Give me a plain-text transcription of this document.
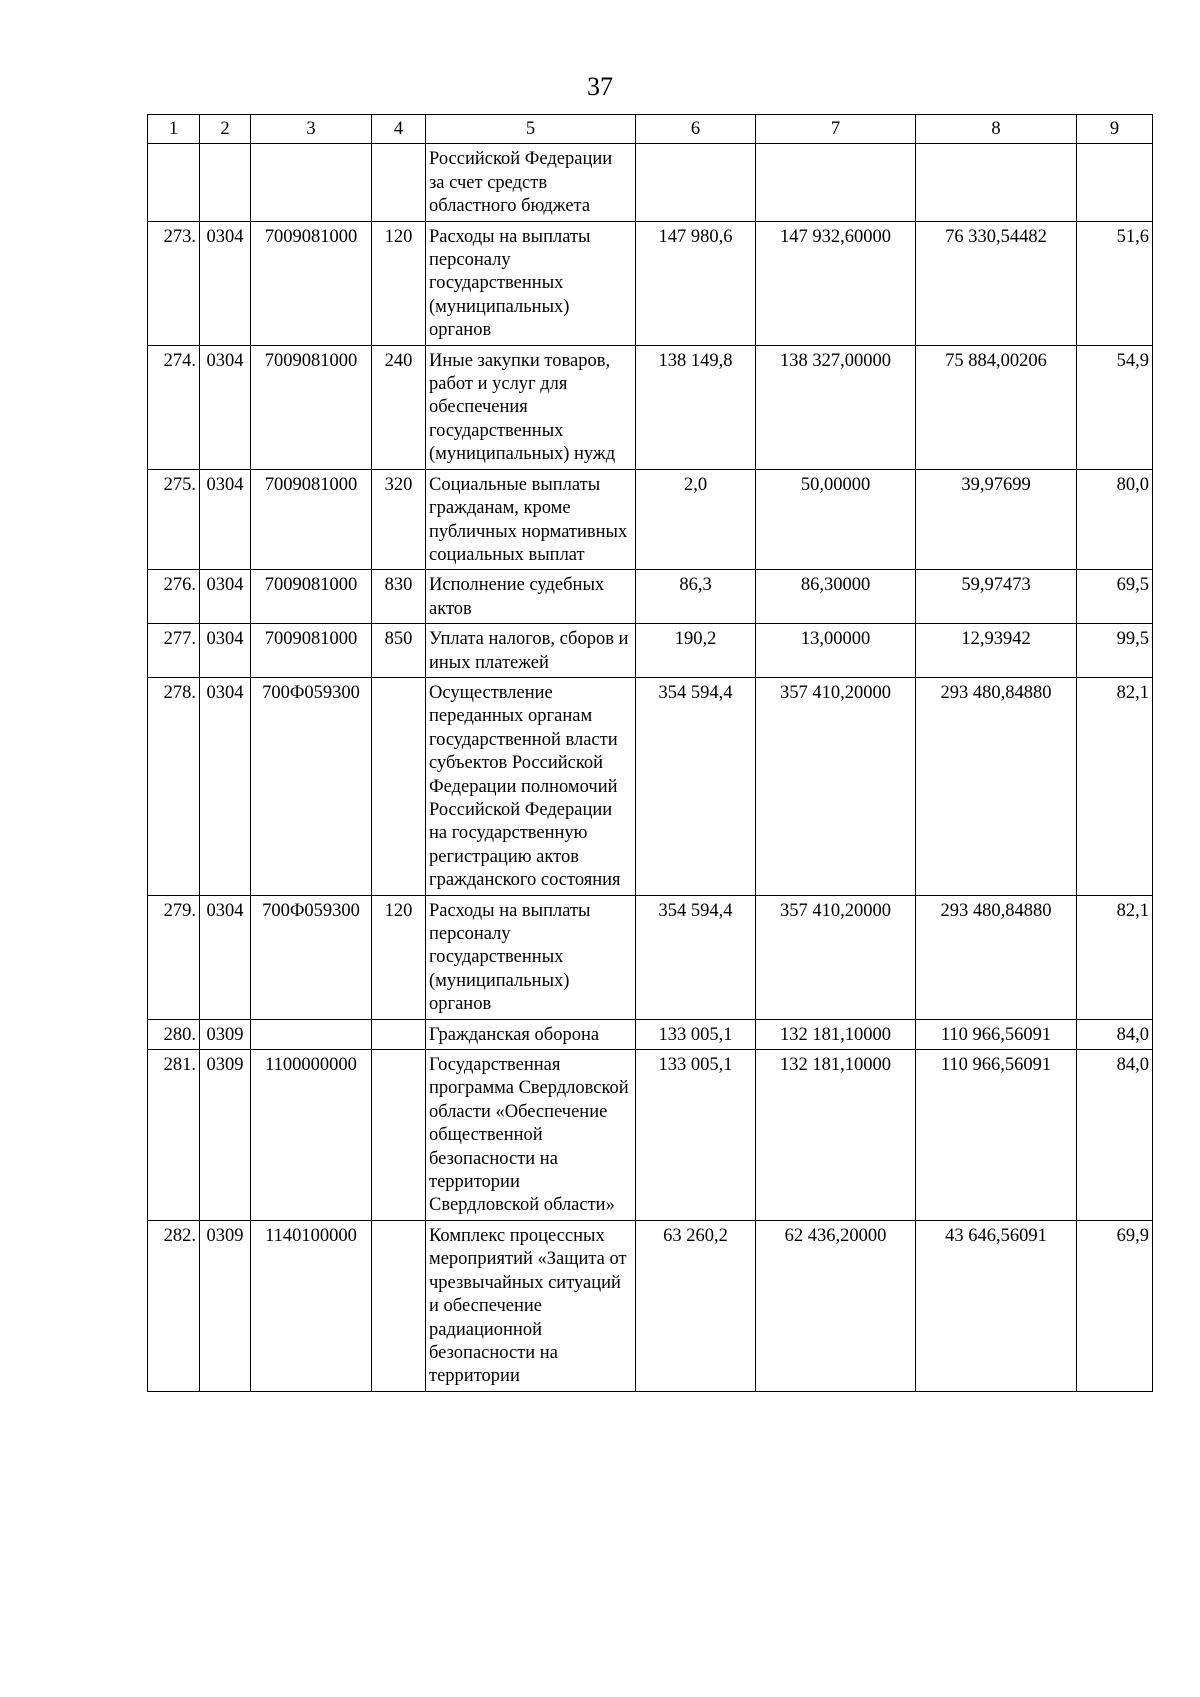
37
1	2	3	4	5	6	7	8	9
				Российской Федерации за счет средств областного бюджета				
273.	0304	7009081000	120	Расходы на выплаты персоналу государственных (муниципальных) органов	147 980,6	147 932,60000	76 330,54482	51,6
274.	0304	7009081000	240	Иные закупки товаров, работ и услуг для обеспечения государственных (муниципальных) нужд	138 149,8	138 327,00000	75 884,00206	54,9
275.	0304	7009081000	320	Социальные выплаты гражданам, кроме публичных нормативных социальных выплат	2,0	50,00000	39,97699	80,0
276.	0304	7009081000	830	Исполнение судебных актов	86,3	86,30000	59,97473	69,5
277.	0304	7009081000	850	Уплата налогов, сборов и иных платежей	190,2	13,00000	12,93942	99,5
278.	0304	700Ф059300		Осуществление переданных органам государственной власти субъектов Российской Федерации полномочий Российской Федерации на государственную регистрацию актов гражданского состояния	354 594,4	357 410,20000	293 480,84880	82,1
279.	0304	700Ф059300	120	Расходы на выплаты персоналу государственных (муниципальных) органов	354 594,4	357 410,20000	293 480,84880	82,1
280.	0309			Гражданская оборона	133 005,1	132 181,10000	110 966,56091	84,0
281.	0309	1100000000		Государственная программа Свердловской области «Обеспечение общественной безопасности на территории Свердловской области»	133 005,1	132 181,10000	110 966,56091	84,0
282.	0309	1140100000		Комплекс процессных мероприятий «Защита от чрезвычайных ситуаций и обеспечение радиационной безопасности на территории	63 260,2	62 436,20000	43 646,56091	69,9
